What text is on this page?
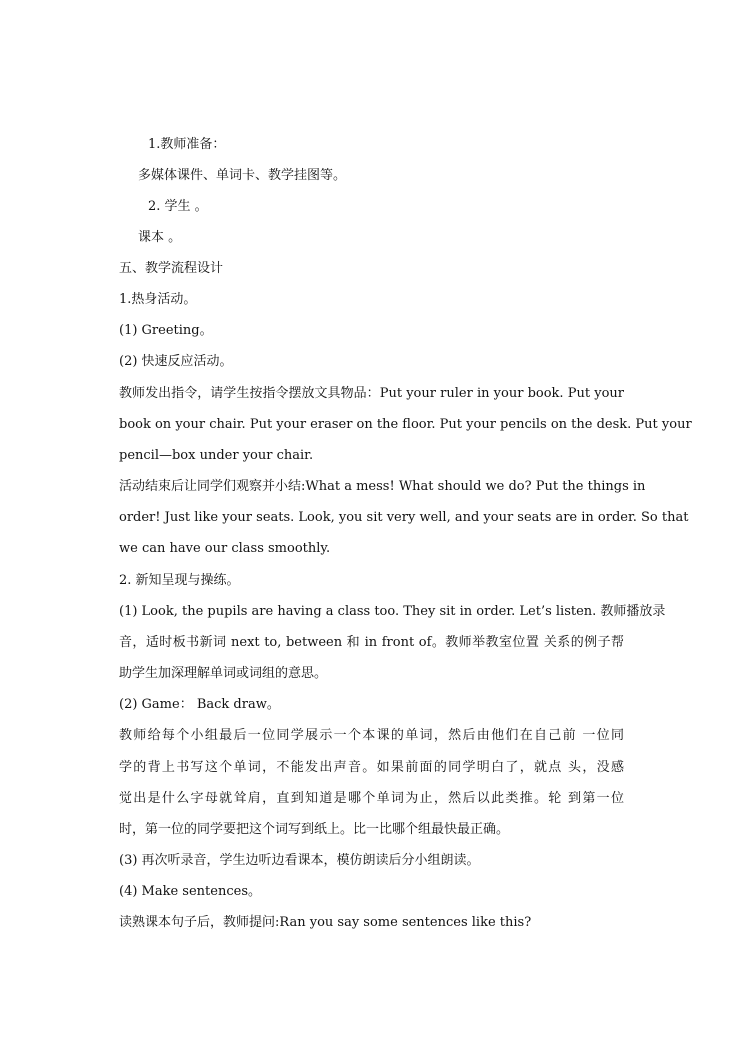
1.教师准备：
多媒体课件、单词卡、教学挂图等。
2. 学生 。
课本 。
五、教学流程设计
1.热身活动。
(1) Greeting。
(2) 快速反应活动。
教师发出指令，请学生按指令摆放文具物品：Put your ruler in your book. Put your
book on your chair. Put your eraser on the floor. Put your pencils on the desk. Put your
pencil—box under your chair.
活动结束后让同学们观察并小结:What a mess! What should we do? Put the things in
order! Just like your seats. Look, you sit very well, and your seats are in order. So that
we can have our class smoothly.
2. 新知呈现与操练。
(1) Look, the pupils are having a class too. They sit in order. Let’s listen. 教师播放录
音，适时板书新词 next to, between 和 in front of。教师举教室位置 关系的例子帮
助学生加深理解单词或词组的意思。
(2) Game： Back draw。
教师给每个小组最后一位同学展示一个本课的单词，然后由他们在自己前 一位同
学的背上书写这个单词，不能发出声音。如果前面的同学明白了，就点 头，没感
觉出是什么字母就耸肩，直到知道是哪个单词为止，然后以此类推。轮 到第一位
时，第一位的同学要把这个词写到纸上。比一比哪个组最快最正确。
(3) 再次听录音，学生边听边看课本，模仿朗读后分小组朗读。
(4) Make sentences。
读熟课本句子后，教师提问:Ran you say some sentences like this?
